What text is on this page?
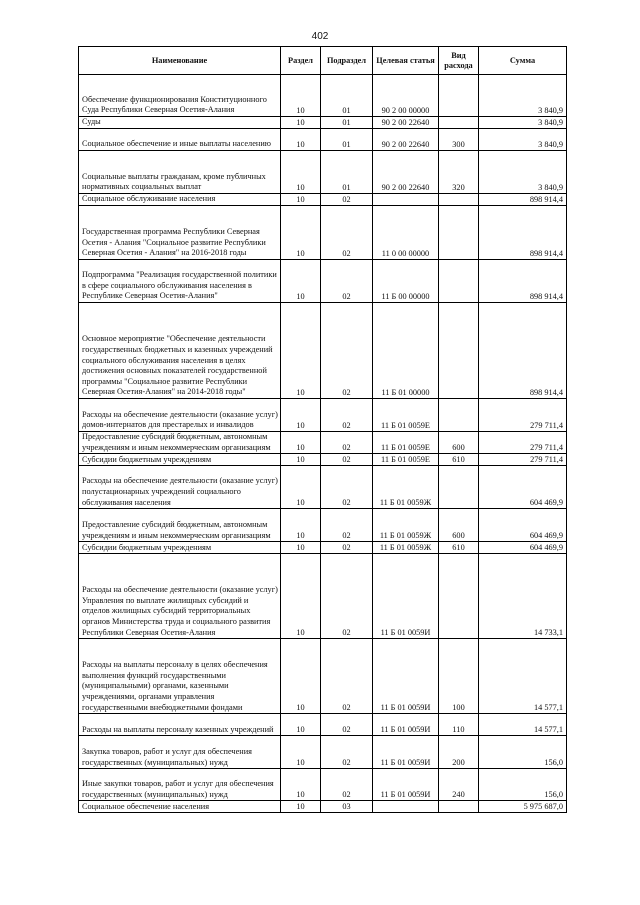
402
Наименование	Раздел	Подраздел	Целевая статья	Вид расхода	Сумма
Обеспечение функционирования Конституционного Суда Республики Северная Осетия-Алания	10	01	90 2 00 00000		3 840,9
Суды	10	01	90 2 00 22640		3 840,9
Социальное обеспечение и иные выплаты населению	10	01	90 2 00 22640	300	3 840,9
Социальные выплаты гражданам, кроме публичных нормативных социальных выплат	10	01	90 2 00 22640	320	3 840,9
Социальное обслуживание населения	10	02			898 914,4
Государственная программа Республики Северная Осетия - Алания "Социальное развитие Республики Северная Осетия - Алания" на 2016-2018 годы	10	02	11 0 00 00000		898 914,4
Подпрограмма "Реализация государственной политики в сфере социального обслуживания населения в Республике Северная Осетия-Алания"	10	02	11 Б 00 00000		898 914,4
Основное мероприятие "Обеспечение деятельности государственных бюджетных и казенных учреждений социального обслуживания населения в целях достижения основных показателей государственной программы "Социальное развитие Республики Северная Осетия-Алания" на 2014-2018 годы"	10	02	11 Б 01 00000		898 914,4
Расходы на обеспечение деятельности (оказание услуг) домов-интернатов для престарелых и инвалидов	10	02	11 Б 01 0059Е		279 711,4
Предоставление субсидий бюджетным, автономным учреждениям и иным некоммерческим организациям	10	02	11 Б 01 0059Е	600	279 711,4
Субсидии бюджетным учреждениям	10	02	11 Б 01 0059Е	610	279 711,4
Расходы на обеспечение деятельности (оказание услуг) полустационарных учреждений социального обслуживания населения	10	02	11 Б 01 0059Ж		604 469,9
Предоставление субсидий бюджетным, автономным учреждениям и иным некоммерческим организациям	10	02	11 Б 01 0059Ж	600	604 469,9
Субсидии бюджетным учреждениям	10	02	11 Б 01 0059Ж	610	604 469,9
Расходы на обеспечение деятельности (оказание услуг) Управления по выплате жилищных субсидий и отделов жилищных субсидий территориальных органов Министерства труда и социального развития Республики Северная Осетия-Алания	10	02	11 Б 01 0059И		14 733,1
Расходы на выплаты персоналу в целях обеспечения выполнения функций государственными (муниципальными) органами, казенными учреждениями, органами управления государственными внебюджетными фондами	10	02	11 Б 01 0059И	100	14 577,1
Расходы на выплаты персоналу казенных учреждений	10	02	11 Б 01 0059И	110	14 577,1
Закупка товаров, работ и услуг для обеспечения государственных (муниципальных) нужд	10	02	11 Б 01 0059И	200	156,0
Иные закупки товаров, работ и услуг для обеспечения государственных (муниципальных) нужд	10	02	11 Б 01 0059И	240	156,0
Социальное обеспечение населения	10	03			5 975 687,0
